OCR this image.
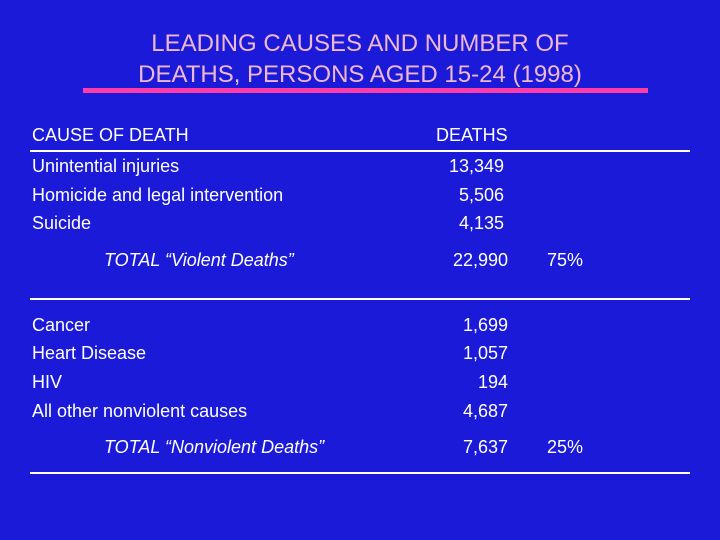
LEADING CAUSES AND NUMBER OF
DEATHS, PERSONS AGED 15-24 (1998)
CAUSE OF DEATH	DEATHS
Unintential injuries	13,349
Homicide and legal intervention	5,506
Suicide	4,135
TOTAL “Violent Deaths”	22,990 75%
Cancer	1,699
Heart Disease	1,057
HIV	194
All other nonviolent causes	4,687
TOTAL “Nonviolent Deaths”	7,637 25%
